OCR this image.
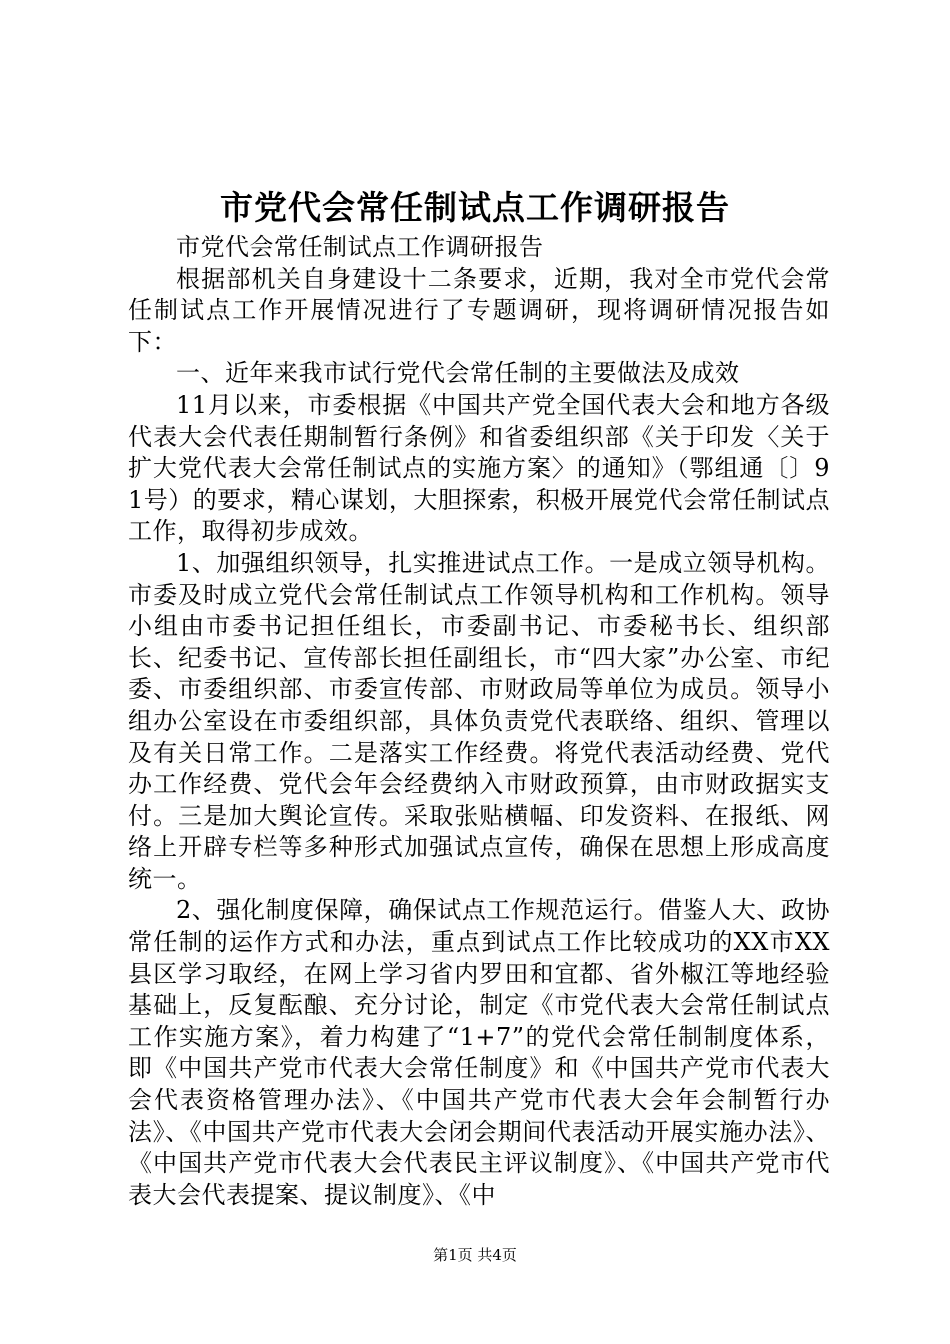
市党代会常任制试点工作调研报告

市党代会常任制试点工作调研报告

根据部机关自身建设十二条要求，近期，我对全市党代会常任制试点工作开展情况进行了专题调研，现将调研情况报告如下：

一、近年来我市试行党代会常任制的主要做法及成效

11月以来，市委根据《中国共产党全国代表大会和地方各级代表大会代表任期制暂行条例》和省委组织部《关于印发〈关于扩大党代表大会常任制试点的实施方案〉的通知》（鄂组通〔〕91号）的要求，精心谋划，大胆探索，积极开展党代会常任制试点工作，取得初步成效。

1、加强组织领导，扎实推进试点工作。一是成立领导机构。市委及时成立党代会常任制试点工作领导机构和工作机构。领导小组由市委书记担任组长，市委副书记、市委秘书长、组织部长、纪委书记、宣传部长担任副组长，市“四大家”办公室、市纪委、市委组织部、市委宣传部、市财政局等单位为成员。领导小组办公室设在市委组织部，具体负责党代表联络、组织、管理以及有关日常工作。二是落实工作经费。将党代表活动经费、党代办工作经费、党代会年会经费纳入市财政预算，由市财政据实支付。三是加大舆论宣传。采取张贴横幅、印发资料、在报纸、网络上开辟专栏等多种形式加强试点宣传，确保在思想上形成高度统一。

2、强化制度保障，确保试点工作规范运行。借鉴人大、政协常任制的运作方式和办法，重点到试点工作比较成功的XX市XX县区学习取经，在网上学习省内罗田和宜都、省外椒江等地经验基础上，反复酝酿、充分讨论，制定《市党代表大会常任制试点工作实施方案》，着力构建了“1+7”的党代会常任制制度体系，即《中国共产党市代表大会常任制度》和《中国共产党市代表大会代表资格管理办法》、《中国共产党市代表大会年会制暂行办法》、《中国共产党市代表大会闭会期间代表活动开展实施办法》、《中国共产党市代表大会代表民主评议制度》、《中国共产党市代表大会代表提案、提议制度》、《中

第1页 共4页
